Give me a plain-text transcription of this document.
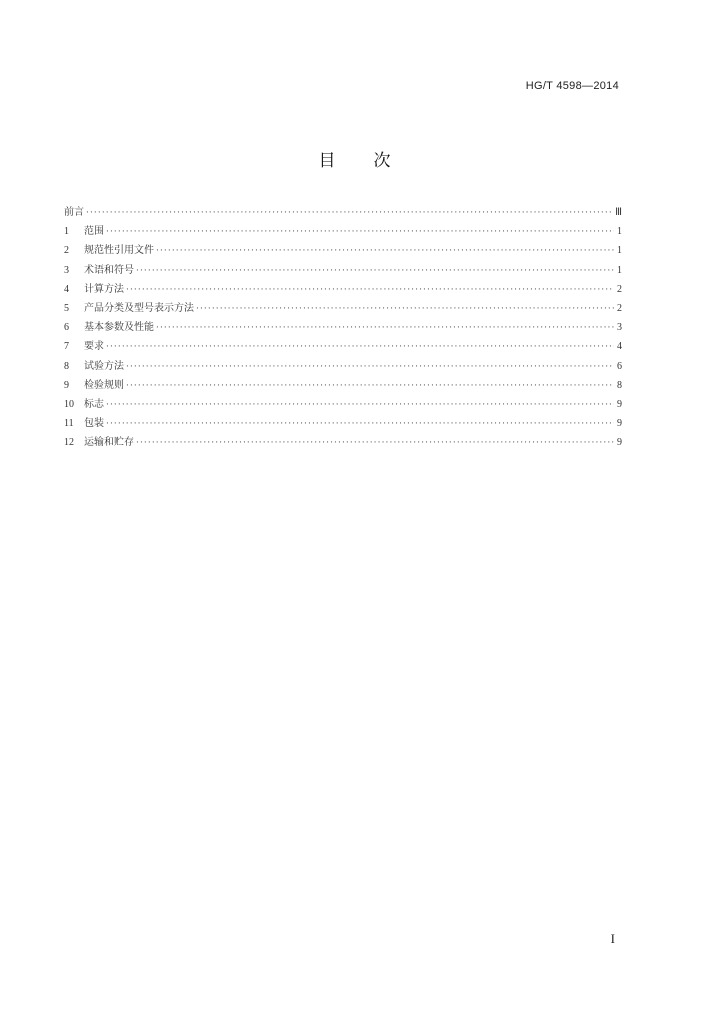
HG/T 4598—2014
目次
前言 ·····	Ⅲ
1	范围 ·····	1
2	规范性引用文件 ·····	1
3	术语和符号 ·····	1
4	计算方法 ·····	2
5	产品分类及型号表示方法 ·····	2
6	基本参数及性能 ·····	3
7	要求 ·····	4
8	试验方法 ·····	6
9	检验规则 ·····	8
10	标志 ·····	9
11	包装 ·····	9
12	运输和贮存 ·····	9
I
